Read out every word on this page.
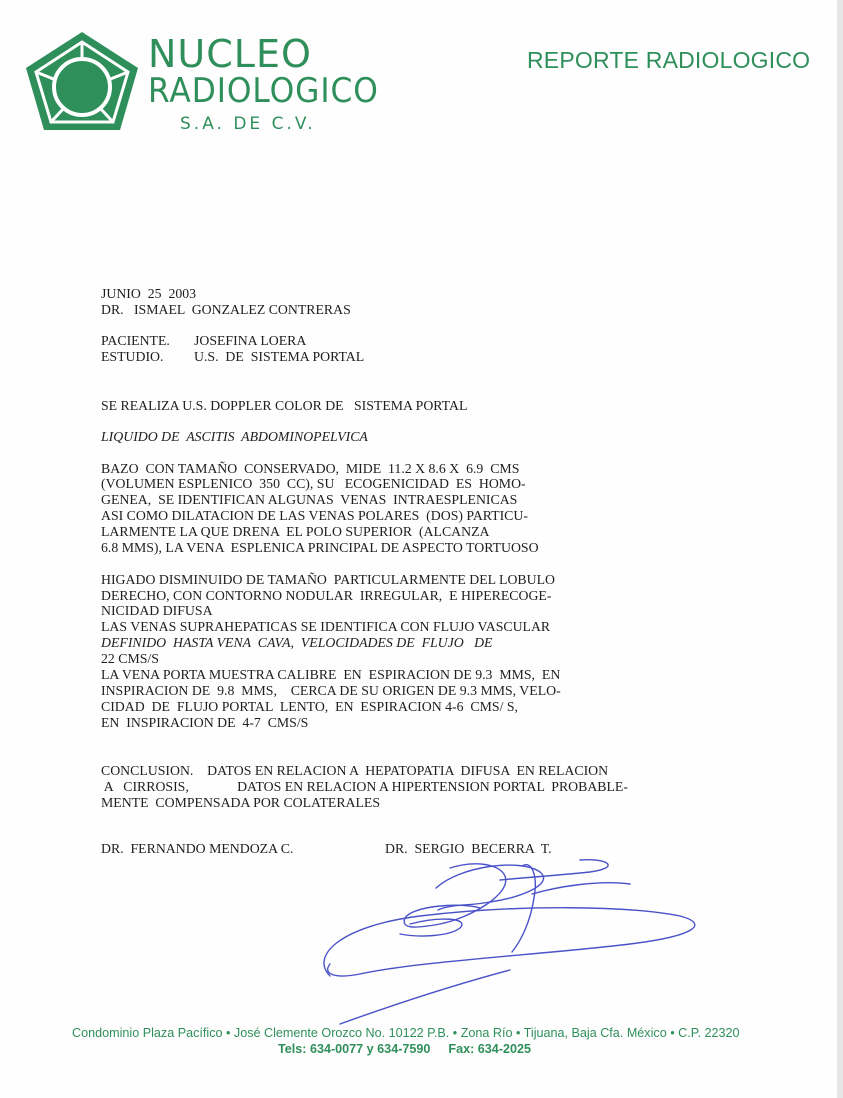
NUCLEO
RADIOLOGICO
S.A. DE C.V.
REPORTE RADIOLOGICO
JUNIO  25  2003
DR.   ISMAEL  GONZALEZ CONTRERAS
PACIENTE. JOSEFINA LOERA
ESTUDIO. U.S.  DE  SISTEMA PORTAL
SE REALIZA U.S. DOPPLER COLOR DE   SISTEMA PORTAL
LIQUIDO DE  ASCITIS  ABDOMINOPELVICA
BAZO  CON TAMAÑO  CONSERVADO,  MIDE  11.2 X 8.6 X  6.9  CMS
(VOLUMEN ESPLENICO  350  CC), SU   ECOGENICIDAD  ES  HOMO-
GENEA,  SE IDENTIFICAN ALGUNAS  VENAS  INTRAESPLENICAS
ASI COMO DILATACION DE LAS VENAS POLARES  (DOS) PARTICU-
LARMENTE LA QUE DRENA  EL POLO SUPERIOR  (ALCANZA
6.8 MMS), LA VENA  ESPLENICA PRINCIPAL DE ASPECTO TORTUOSO
HIGADO DISMINUIDO DE TAMAÑO  PARTICULARMENTE DEL LOBULO
DERECHO, CON CONTORNO NODULAR  IRREGULAR,  E HIPERECOGE-
NICIDAD DIFUSA
LAS VENAS SUPRAHEPATICAS SE IDENTIFICA CON FLUJO VASCULAR
DEFINIDO  HASTA VENA  CAVA,  VELOCIDADES DE  FLUJO   DE
22 CMS/S
LA VENA PORTA MUESTRA CALIBRE  EN  ESPIRACION DE 9.3  MMS,  EN
INSPIRACION DE  9.8  MMS,    CERCA DE SU ORIGEN DE 9.3 MMS, VELO-
CIDAD  DE  FLUJO PORTAL  LENTO,  EN  ESPIRACION 4-6  CMS/ S,
EN  INSPIRACION DE  4-7  CMS/S
CONCLUSION.    DATOS EN RELACION A  HEPATOPATIA  DIFUSA  EN RELACION
A   CIRROSIS,              DATOS EN RELACION A HIPERTENSION PORTAL  PROBABLE-
MENTE  COMPENSADA POR COLATERALES
DR.  FERNANDO MENDOZA C.	DR.  SERGIO  BECERRA  T.
Condominio Plaza Pacífico • José Clemente Orozco No. 10122 P.B. • Zona Río • Tijuana, Baja Cfa. México • C.P. 22320
Tels: 634-0077 y 634-7590 Fax: 634-2025
